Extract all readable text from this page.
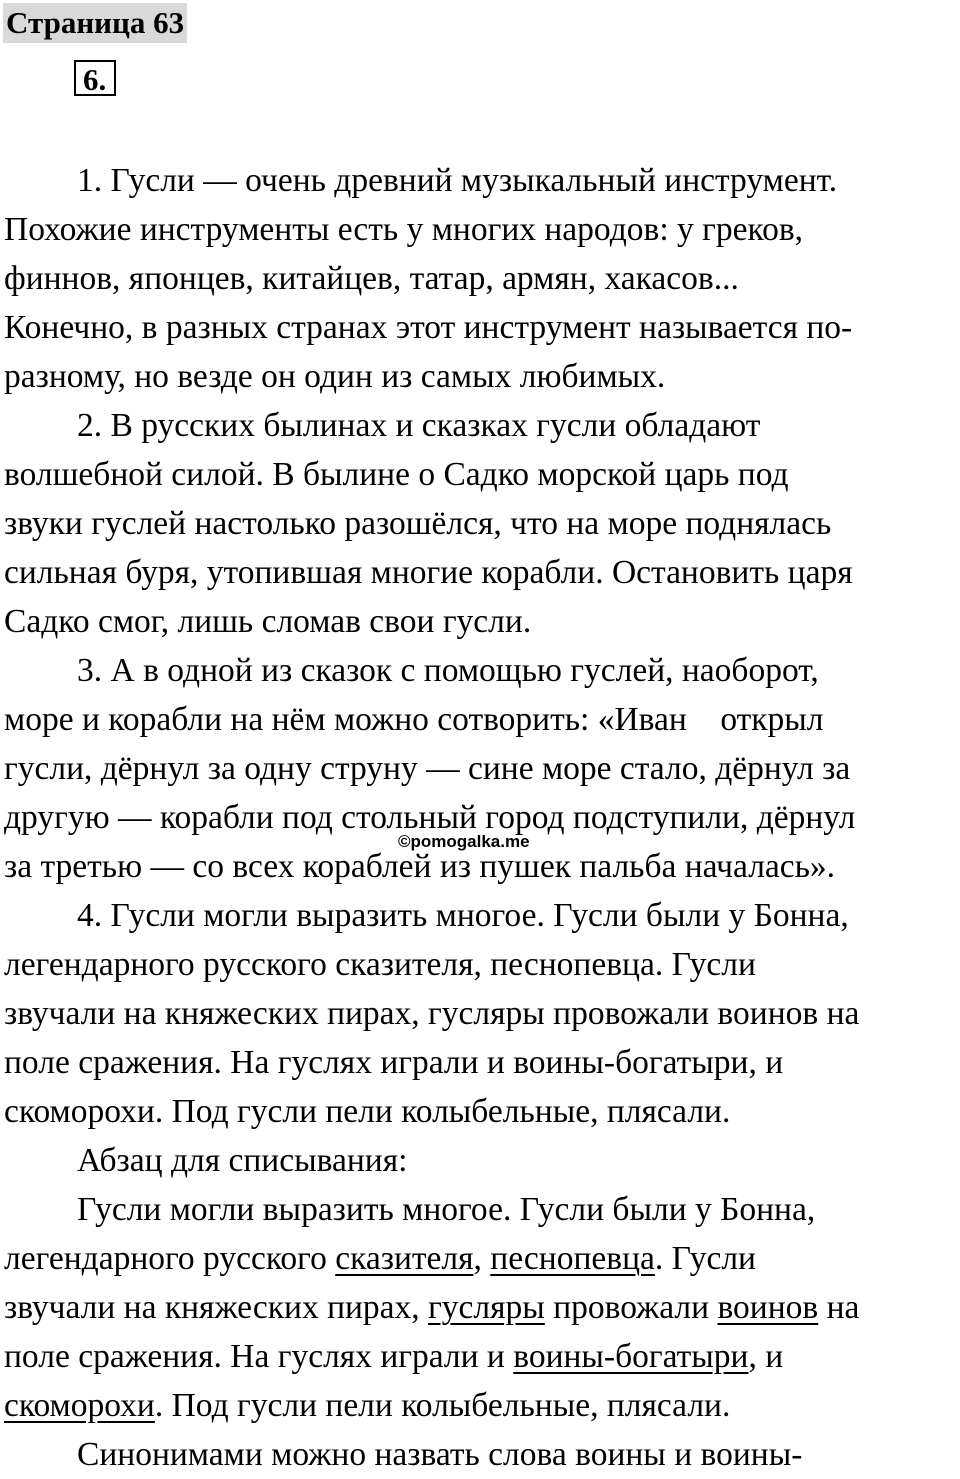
Страница 63
6.
1. Гусли — очень древний музыкальный инструмент.
Похожие инструменты есть у многих народов: у греков,
финнов, японцев, китайцев, татар, армян, хакасов...
Конечно, в разных странах этот инструмент называется по-
разному, но везде он один из самых любимых.
2. В русских былинах и сказках гусли обладают
волшебной силой. В былине о Садко морской царь под
звуки гуслей настолько разошёлся, что на море поднялась
сильная буря, утопившая многие корабли. Остановить царя
Садко смог, лишь сломав свои гусли.
3. А в одной из сказок с помощью гуслей, наоборот,
море и корабли на нём можно сотворить: «Иван    открыл
гусли, дёрнул за одну струну — сине море стало, дёрнул за
другую — корабли под стольный город подступили, дёрнул
за третью — со всех кораблей из пушек пальба началась».
4. Гусли могли выразить многое. Гусли были у Бонна,
легендарного русского сказителя, песнопевца. Гусли
звучали на княжеских пирах, гусляры провожали воинов на
поле сражения. На гуслях играли и воины-богатыри, и
скоморохи. Под гусли пели колыбельные, плясали.
Абзац для списывания:
Гусли могли выразить многое. Гусли были у Бонна,
легендарного русского сказителя, песнопевца. Гусли
звучали на княжеских пирах, гусляры провожали воинов на
поле сражения. На гуслях играли и воины-богатыри, и
скоморохи. Под гусли пели колыбельные, плясали.
Синонимами можно назвать слова воины и воины-
©pomogalka.me
